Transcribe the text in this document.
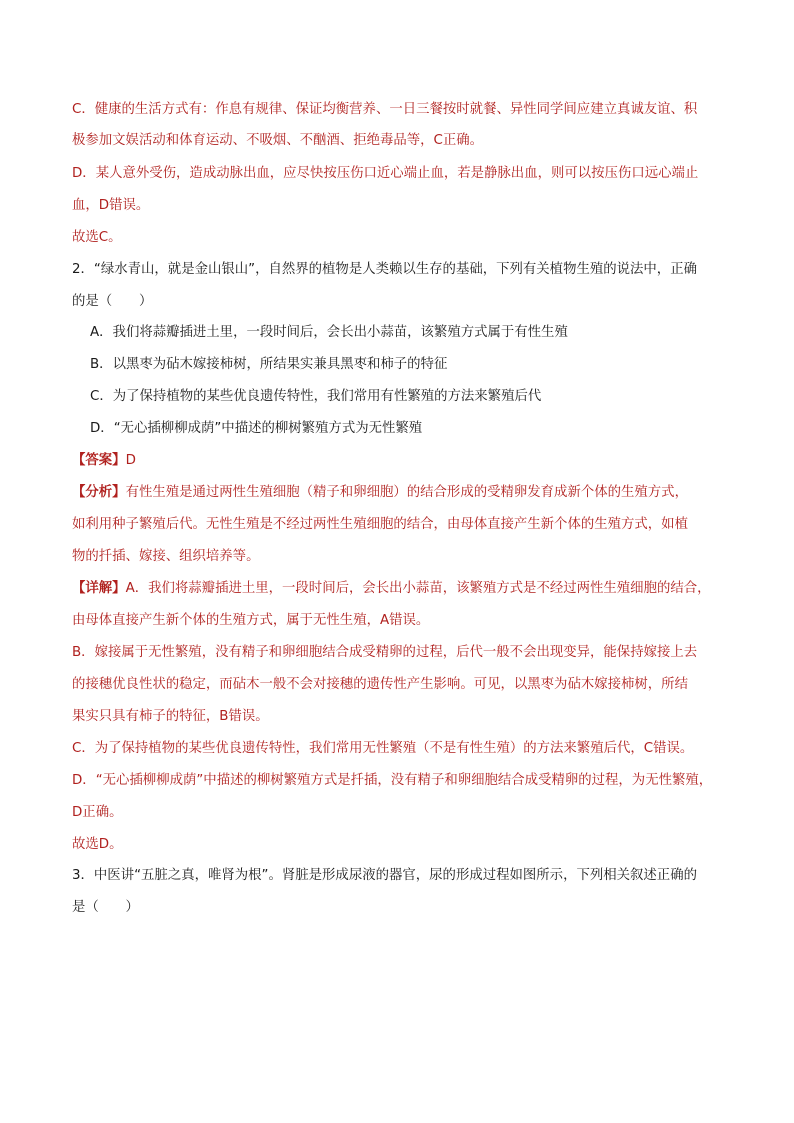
C．健康的生活方式有：作息有规律、保证均衡营养、一日三餐按时就餐、异性同学间应建立真诚友谊、积
极参加文娱活动和体育运动、不吸烟、不酗酒、拒绝毒品等，C正确。
D．某人意外受伤，造成动脉出血，应尽快按压伤口近心端止血，若是静脉出血，则可以按压伤口远心端止
血，D错误。
故选C。
2．“绿水青山，就是金山银山”，自然界的植物是人类赖以生存的基础，下列有关植物生殖的说法中，正确
的是（　　）
A．我们将蒜瓣插进土里，一段时间后，会长出小蒜苗，该繁殖方式属于有性生殖
B．以黑枣为砧木嫁接柿树，所结果实兼具黑枣和柿子的特征
C．为了保持植物的某些优良遗传特性，我们常用有性繁殖的方法来繁殖后代
D．“无心插柳柳成荫”中描述的柳树繁殖方式为无性繁殖
【答案】D
【分析】有性生殖是通过两性生殖细胞（精子和卵细胞）的结合形成的受精卵发育成新个体的生殖方式，
如利用种子繁殖后代。无性生殖是不经过两性生殖细胞的结合，由母体直接产生新个体的生殖方式，如植
物的扦插、嫁接、组织培养等。
【详解】A．我们将蒜瓣插进土里，一段时间后，会长出小蒜苗，该繁殖方式是不经过两性生殖细胞的结合，
由母体直接产生新个体的生殖方式，属于无性生殖，A错误。
B．嫁接属于无性繁殖，没有精子和卵细胞结合成受精卵的过程，后代一般不会出现变异，能保持嫁接上去
的接穗优良性状的稳定，而砧木一般不会对接穗的遗传性产生影响。可见，以黑枣为砧木嫁接柿树，所结
果实只具有柿子的特征，B错误。
C．为了保持植物的某些优良遗传特性，我们常用无性繁殖（不是有性生殖）的方法来繁殖后代，C错误。
D．“无心插柳柳成荫”中描述的柳树繁殖方式是扦插，没有精子和卵细胞结合成受精卵的过程，为无性繁殖，
D正确。
故选D。
3．中医讲“五脏之真，唯肾为根”。肾脏是形成尿液的器官，尿的形成过程如图所示，下列相关叙述正确的
是（　　）
